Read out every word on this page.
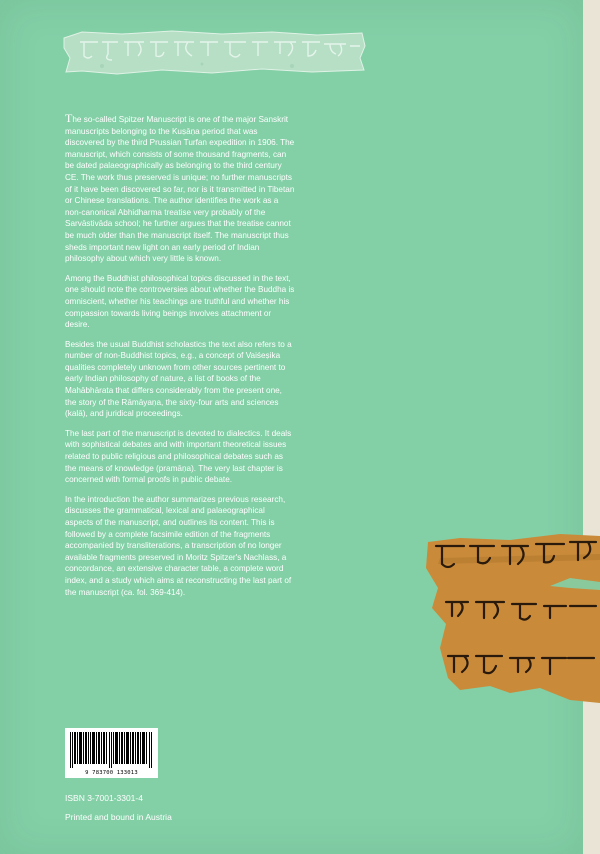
The so-called Spitzer Manuscript is one of the major Sanskrit manuscripts belonging to the Kuṣāṇa period that was discovered by the third Prussian Turfan expedition in 1906. The manuscript, which consists of some thousand fragments, can be dated palaeographically as belonging to the third century CE. The work thus preserved is unique; no further manuscripts of it have been discovered so far, nor is it transmitted in Tibetan or Chinese translations. The author identifies the work as a non-canonical Abhidharma treatise very probably of the Sarvāstivāda school; he further argues that the treatise cannot be much older than the manuscript itself. The manuscript thus sheds important new light on an early period of Indian philosophy about which very little is known.

Among the Buddhist philosophical topics discussed in the text, one should note the controversies about whether the Buddha is omniscient, whether his teachings are truthful and whether his compassion towards living beings involves attachment or desire.

Besides the usual Buddhist scholastics the text also refers to a number of non-Buddhist topics, e.g., a concept of Vaiśeṣika qualities completely unknown from other sources pertinent to early Indian philosophy of nature, a list of books of the Mahābhārata that differs considerably from the present one, the story of the Rāmāyaṇa, the sixty-four arts and sciences (kalā), and juridical proceedings.

The last part of the manuscript is devoted to dialectics. It deals with sophistical debates and with important theoretical issues related to public religious and philosophical debates such as the means of knowledge (pramāṇa). The very last chapter is concerned with formal proofs in public debate.

In the introduction the author summarizes previous research, discusses the grammatical, lexical and palaeographical aspects of the manuscript, and outlines its content. This is followed by a complete facsimile edition of the fragments accompanied by transliterations, a transcription of no longer available fragments preserved in Moritz Spitzer's Nachlass, a concordance, an extensive character table, a complete word index, and a study which aims at reconstructing the last part of the manuscript (ca. fol. 369-414).

9 783700 133013
ISBN 3-7001-3301-4
Printed and bound in Austria
